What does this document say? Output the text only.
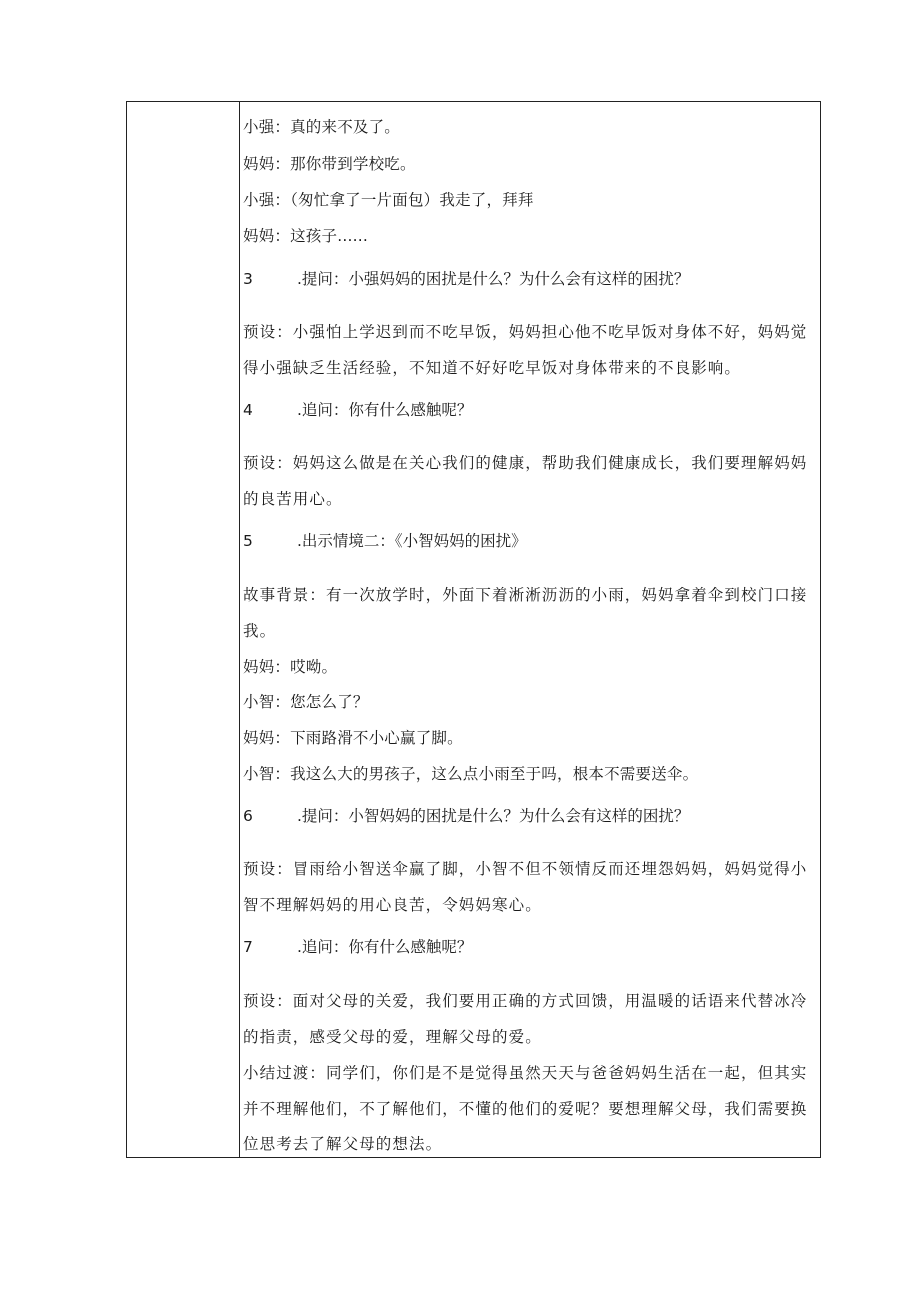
小强：真的来不及了。
妈妈：那你带到学校吃。
小强：（匆忙拿了一片面包）我走了，拜拜
妈妈：这孩子......
3	.提问：小强妈妈的困扰是什么？为什么会有这样的困扰？
预设：小强怕上学迟到而不吃早饭，妈妈担心他不吃早饭对身体不好，妈妈觉
得小强缺乏生活经验，不知道不好好吃早饭对身体带来的不良影响。
4	.追问：你有什么感触呢？
预设：妈妈这么做是在关心我们的健康，帮助我们健康成长，我们要理解妈妈
的良苦用心。
5	.出示情境二：《小智妈妈的困扰》
故事背景：有一次放学时，外面下着淅淅沥沥的小雨，妈妈拿着伞到校门口接
我。
妈妈：哎呦。
小智：您怎么了？
妈妈：下雨路滑不小心赢了脚。
小智：我这么大的男孩子，这么点小雨至于吗，根本不需要送伞。
6	.提问：小智妈妈的困扰是什么？为什么会有这样的困扰？
预设：冒雨给小智送伞赢了脚，小智不但不领情反而还埋怨妈妈，妈妈觉得小
智不理解妈妈的用心良苦，令妈妈寒心。
7	.追问：你有什么感触呢？
预设：面对父母的关爱，我们要用正确的方式回馈，用温暖的话语来代替冰冷
的指责，感受父母的爱，理解父母的爱。
小结过渡：同学们，你们是不是觉得虽然天天与爸爸妈妈生活在一起，但其实
并不理解他们，不了解他们，不懂的他们的爱呢？要想理解父母，我们需要换
位思考去了解父母的想法。
